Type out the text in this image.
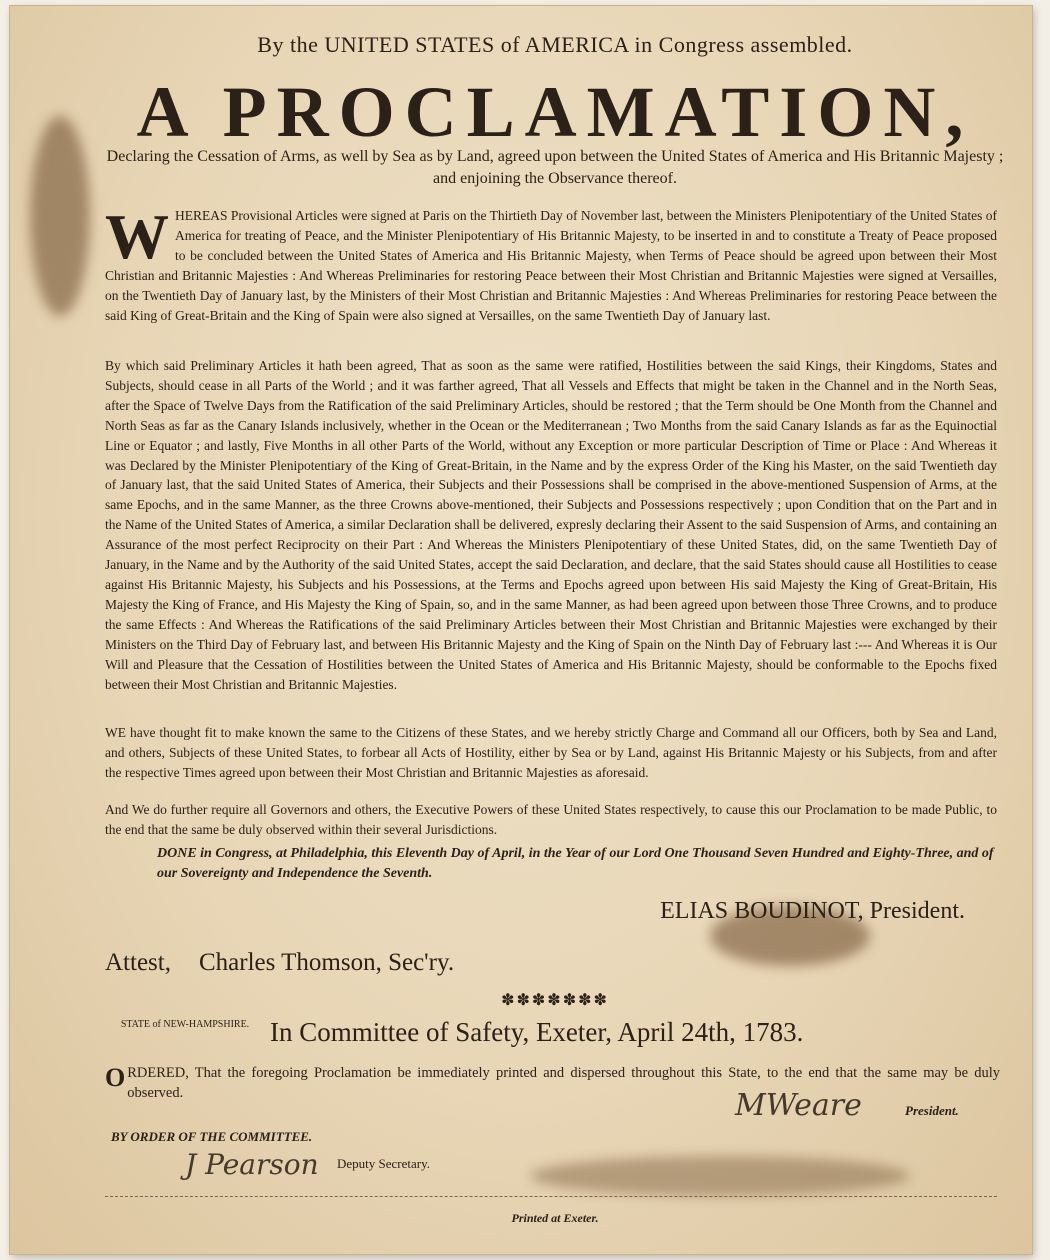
By the UNITED STATES of AMERICA in Congress assembled.
A PROCLAMATION,
Declaring the Cessation of Arms, as well by Sea as by Land, agreed upon between the United States of America and His Britannic Majesty ; and enjoining the Observance thereof.
WHEREAS Provisional Articles were signed at Paris on the Thirtieth Day of November last, between the Ministers Plenipotentiary of the United States of America for treating of Peace, and the Minister Plenipotentiary of His Britannic Majesty, to be inserted in and to constitute a Treaty of Peace proposed to be concluded between the United States of America and His Britannic Majesty, when Terms of Peace should be agreed upon between their Most Christian and Britannic Majesties : And Whereas Preliminaries for restoring Peace between their Most Christian and Britannic Majesties were signed at Versailles, on the Twentieth Day of January last, by the Ministers of their Most Christian and Britannic Majesties : And Whereas Preliminaries for restoring Peace between the said King of Great-Britain and the King of Spain were also signed at Versailles, on the same Twentieth Day of January last.
By which said Preliminary Articles it hath been agreed, That as soon as the same were ratified, Hostilities between the said Kings, their Kingdoms, States and Subjects, should cease in all Parts of the World ; and it was farther agreed, That all Vessels and Effects that might be taken in the Channel and in the North Seas, after the Space of Twelve Days from the Ratification of the said Preliminary Articles, should be restored ; that the Term should be One Month from the Channel and North Seas as far as the Canary Islands inclusively, whether in the Ocean or the Mediterranean ; Two Months from the said Canary Islands as far as the Equinoctial Line or Equator ; and lastly, Five Months in all other Parts of the World, without any Exception or more particular Description of Time or Place : And Whereas it was Declared by the Minister Plenipotentiary of the King of Great-Britain, in the Name and by the express Order of the King his Master, on the said Twentieth day of January last, that the said United States of America, their Subjects and their Possessions shall be comprised in the above-mentioned Suspension of Arms, at the same Epochs, and in the same Manner, as the three Crowns above-mentioned, their Subjects and Possessions respectively ; upon Condition that on the Part and in the Name of the United States of America, a similar Declaration shall be delivered, expresly declaring their Assent to the said Suspension of Arms, and containing an Assurance of the most perfect Reciprocity on their Part : And Whereas the Ministers Plenipotentiary of these United States, did, on the same Twentieth Day of January, in the Name and by the Authority of the said United States, accept the said Declaration, and declare, that the said States should cause all Hostilities to cease against His Britannic Majesty, his Subjects and his Possessions, at the Terms and Epochs agreed upon between His said Majesty the King of Great-Britain, His Majesty the King of France, and His Majesty the King of Spain, so, and in the same Manner, as had been agreed upon between those Three Crowns, and to produce the same Effects : And Whereas the Ratifications of the said Preliminary Articles between their Most Christian and Britannic Majesties were exchanged by their Ministers on the Third Day of February last, and between His Britannic Majesty and the King of Spain on the Ninth Day of February last :--- And Whereas it is Our Will and Pleasure that the Cessation of Hostilities between the United States of America and His Britannic Majesty, should be conformable to the Epochs fixed between their Most Christian and Britannic Majesties.
WE have thought fit to make known the same to the Citizens of these States, and we hereby strictly Charge and Command all our Officers, both by Sea and Land, and others, Subjects of these United States, to forbear all Acts of Hostility, either by Sea or by Land, against His Britannic Majesty or his Subjects, from and after the respective Times agreed upon between their Most Christian and Britannic Majesties as aforesaid.
And We do further require all Governors and others, the Executive Powers of these United States respectively, to cause this our Proclamation to be made Public, to the end that the same be duly observed within their several Jurisdictions.
DONE in Congress, at Philadelphia, this Eleventh Day of April, in the Year of our Lord One Thousand Seven Hundred and Eighty-Three, and of our Sovereignty and Independence the Seventh.
ELIAS BOUDINOT, President.
Attest, Charles Thomson, Sec'ry.
✽✽✽✽✽✽✽
STATE of NEW-HAMPSHIRE. In Committee of Safety, Exeter, April 24th, 1783.
ORDERED, That the foregoing Proclamation be immediately printed and dispersed throughout this State, to the end that the same may be duly observed.	MWeare	President.
BY ORDER OF THE COMMITTEE.
J Pearson	Deputy Secretary.
Printed at Exeter.
